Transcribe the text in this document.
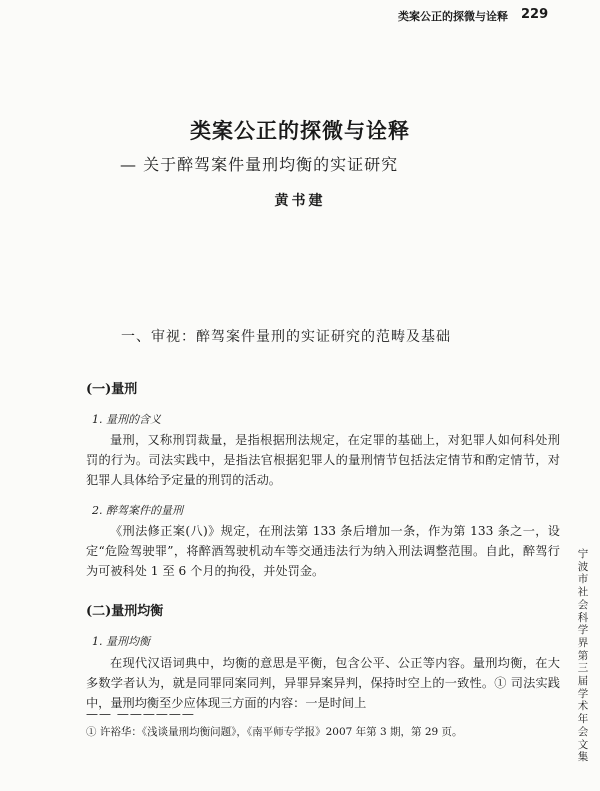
类案公正的探微与诠释 229
类案公正的探微与诠释
— 关于醉驾案件量刑均衡的实证研究
黄书建
一、审视：醉驾案件量刑的实证研究的范畴及基础
(一)量刑
1. 量刑的含义

量刑，又称刑罚裁量，是指根据刑法规定，在定罪的基础上，对犯罪人如何科处刑罚的行为。司法实践中，是指法官根据犯罪人的量刑情节包括法定情节和酌定情节，对犯罪人具体给予定量的刑罚的活动。

2. 醉驾案件的量刑

《刑法修正案(八)》规定，在刑法第 133 条后增加一条，作为第 133 条之一，设定“危险驾驶罪”，将醉酒驾驶机动车等交通违法行为纳入刑法调整范围。自此，醉驾行为可被科处 1 至 6 个月的拘役，并处罚金。

(二)量刑均衡
1. 量刑均衡

在现代汉语词典中，均衡的意思是平衡，包含公平、公正等内容。量刑均衡，在大多数学者认为，就是同罪同案同判，异罪异案异判，保持时空上的一致性。① 司法实践中，量刑均衡至少应体现三方面的内容：一是时间上

宁波市社会科学界第三届学术年会文集
—— ——————
① 许裕华：《浅谈量刑均衡问题》，《南平师专学报》2007 年第 3 期，第 29 页。
